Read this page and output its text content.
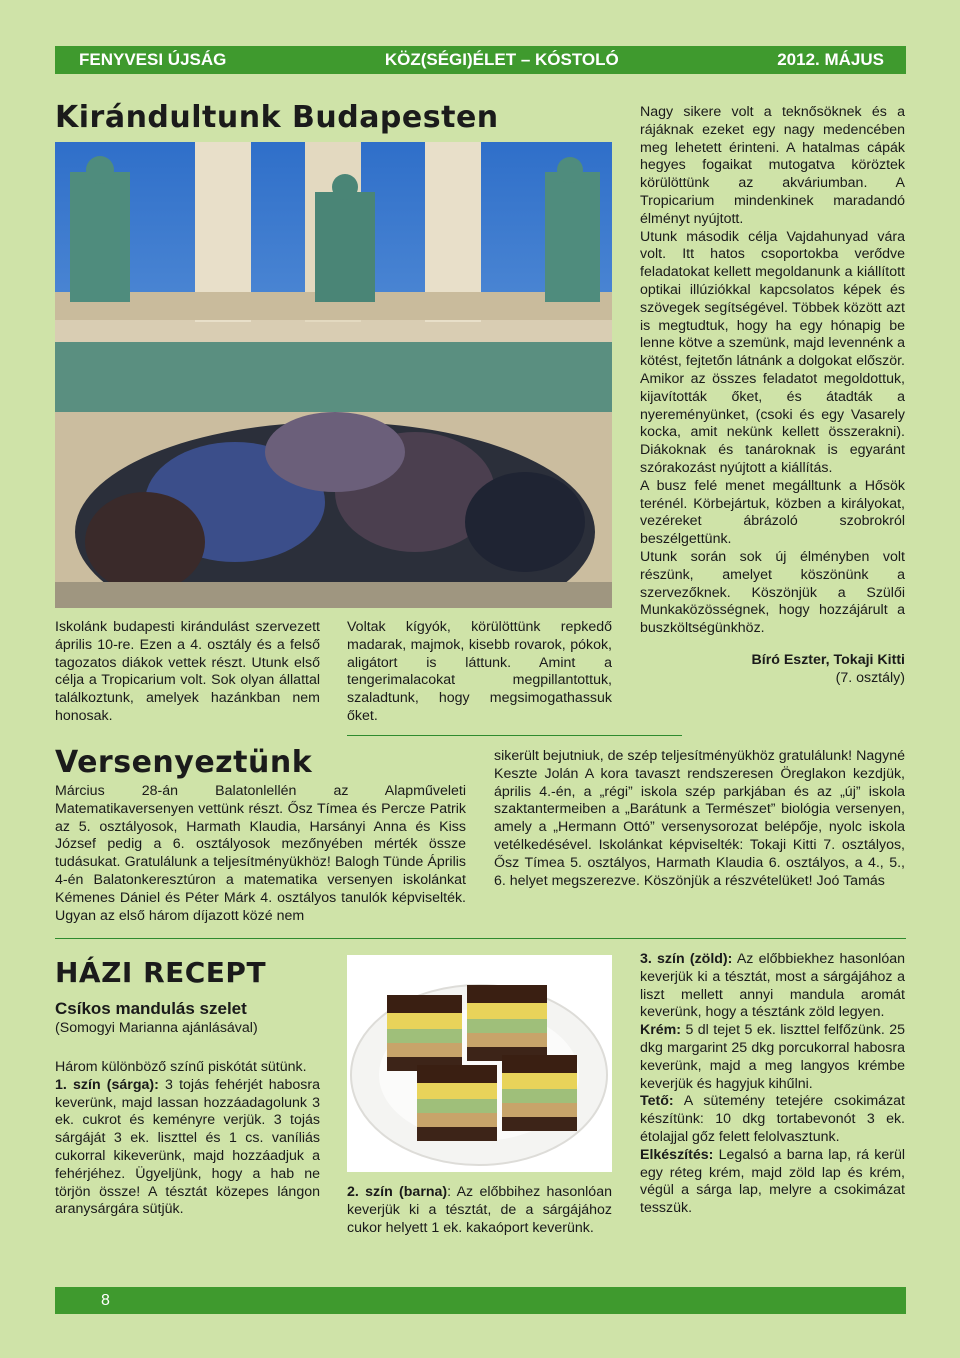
FENYVESI ÚJSÁG	KÖZ(SÉGI)ÉLET – KÓSTOLÓ	2012. MÁJUS
Kirándultunk Budapesten
Iskolánk budapesti kirándulást szervezett április 10-re. Ezen a 4. osztály és a felső tagozatos diákok vettek részt. Utunk első célja a Tropicarium volt. Sok olyan állattal találkoztunk, amelyek hazánkban nem honosak.
Voltak kígyók, körülöttünk repkedő madarak, majmok, kisebb rovarok, pókok, aligátort is láttunk. Amint a tengerimalacokat megpillantottuk, szaladtunk, hogy megsimogathassuk őket.

Nagy sikere volt a teknősöknek és a rájáknak ezeket egy nagy medencében meg lehetett érinteni. A hatalmas cápák hegyes fogaikat mutogatva köröztek körülöttünk az akváriumban. A Tropicarium mindenkinek maradandó élményt nyújtott.

Utunk második célja Vajdahunyad vára volt. Itt hatos csoportokba verődve feladatokat kellett megoldanunk a kiállított optikai illúziókkal kapcsolatos képek és szövegek segítségével. Többek között azt is megtudtuk, hogy ha egy hónapig be lenne kötve a szemünk, majd levennénk a kötést, fejtetőn látnánk a dolgokat először. Amikor az összes feladatot megoldottuk, kijavították őket, és átadták a nyereményünket, (csoki és egy Vasarely kocka, amit nekünk kellett összerakni). Diákoknak és tanároknak is egyaránt szórakozást nyújtott a kiállítás.

A busz felé menet megálltunk a Hősök terénél. Körbejártuk, közben a királyokat, vezéreket ábrázoló szobrokról beszélgettünk.

Utunk során sok új élményben volt részünk, amelyet köszönünk a szervezőknek. Köszönjük a Szülői Munkaközösségnek, hogy hozzájárult a buszköltségünkhöz.

Bíró Eszter, Tokaji Kitti

(7. osztály)

Versenyeztünk
Március 28-án Balatonlellén az Alapműveleti Matematikaversenyen vettünk részt. Ősz Tímea és Percze Patrik az 5. osztályosok, Harmath Klaudia, Harsányi Anna és Kiss József pedig a 6. osztályosok mezőnyében mérték össze tudásukat. Gratulálunk a teljesítményükhöz! Balogh Tünde Április 4-én Balatonkeresztúron a matematika versenyen iskolánkat Kémenes Dániel és Péter Márk 4. osztályos tanulók képviselték. Ugyan az első három díjazott közé nem
sikerült bejutniuk, de szép teljesítményükhöz gratulálunk! Nagyné Keszte Jolán A kora tavaszt rendszeresen Öreglakon kezdjük, április 4.-én, a „régi” iskola szép parkjában és az „új” iskola szaktantermeiben a „Barátunk a Természet” biológia versenyen, amely a „Hermann Ottó” versenysorozat belépője, nyolc iskola vetélkedésével. Iskolánkat képviselték: Tokaji Kitti 7. osztályos, Ősz Tímea 5. osztályos, Harmath Klaudia 6. osztályos, a 4., 5., 6. helyet megszerezve. Köszönjük a részvételüket! Joó Tamás
HÁZI RECEPT
Csíkos mandulás szelet
(Somogyi Marianna ajánlásával)

Három különböző színű piskótát sütünk.

1. szín (sárga): 3 tojás fehérjét habosra keverünk, majd lassan hozzáadagolunk 3 ek. cukrot és keményre verjük. 3 tojás sárgáját 3 ek. liszttel és 1 cs. vaníliás cukorral kikeverünk, majd hozzáadjuk a fehérjéhez. Ügyeljünk, hogy a hab ne törjön össze! A tésztát közepes lángon aranysárgára sütjük.

2. szín (barna): Az előbbihez hasonlóan keverjük ki a tésztát, de a sárgájához cukor helyett 1 ek. kakaóport keverünk.

3. szín (zöld): Az előbbiekhez hasonlóan keverjük ki a tésztát, most a sárgájához a liszt mellett annyi mandula aromát keverünk, hogy a tésztánk zöld legyen.

Krém: 5 dl tejet 5 ek. liszttel felfőzünk. 25 dkg margarint 25 dkg porcukorral habosra keverünk, majd a meg langyos krémbe keverjük és hagyjuk kihűlni.

Tető: A sütemény tetejére csokimázat készítünk: 10 dkg tortabevonót 3 ek. étolajjal gőz felett felolvasztunk.

Elkészítés: Legalsó a barna lap, rá kerül egy réteg krém, majd zöld lap és krém, végül a sárga lap, melyre a csokimázat tesszük.

8
